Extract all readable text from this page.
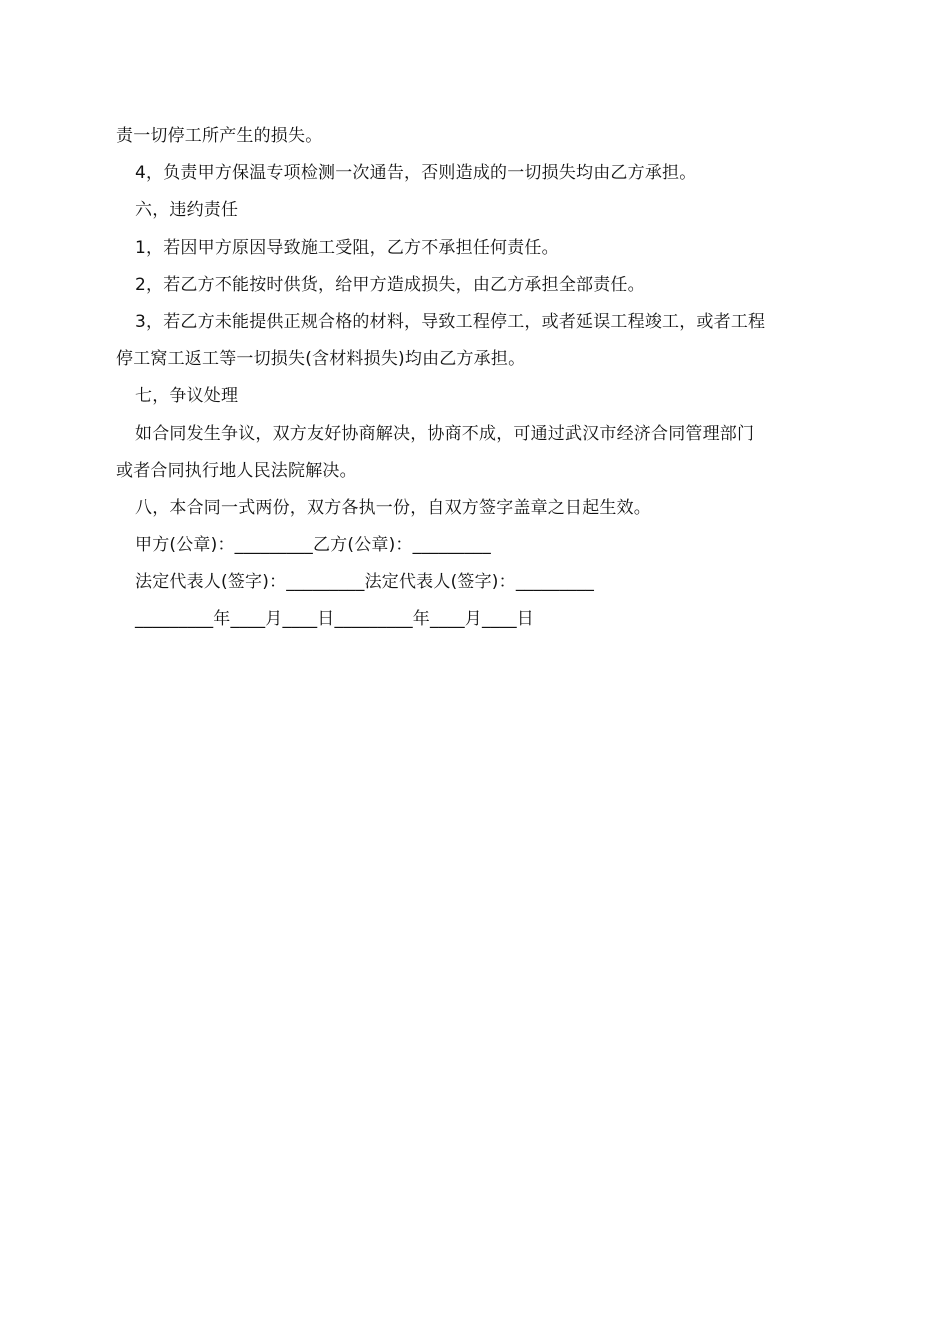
责一切停工所产生的损失。
4，负责甲方保温专项检测一次通告，否则造成的一切损失均由乙方承担。
六，违约责任
1，若因甲方原因导致施工受阻，乙方不承担任何责任。
2，若乙方不能按时供货，给甲方造成损失，由乙方承担全部责任。
3，若乙方未能提供正规合格的材料，导致工程停工，或者延误工程竣工，或者工程
停工窝工返工等一切损失(含材料损失)均由乙方承担。
七，争议处理
如合同发生争议，双方友好协商解决，协商不成，可通过武汉市经济合同管理部门
或者合同执行地人民法院解决。
八，本合同一式两份，双方各执一份，自双方签字盖章之日起生效。
甲方(公章)：_________乙方(公章)：_________
法定代表人(签字)：_________法定代表人(签字)：_________
_________年____月____日_________年____月____日
